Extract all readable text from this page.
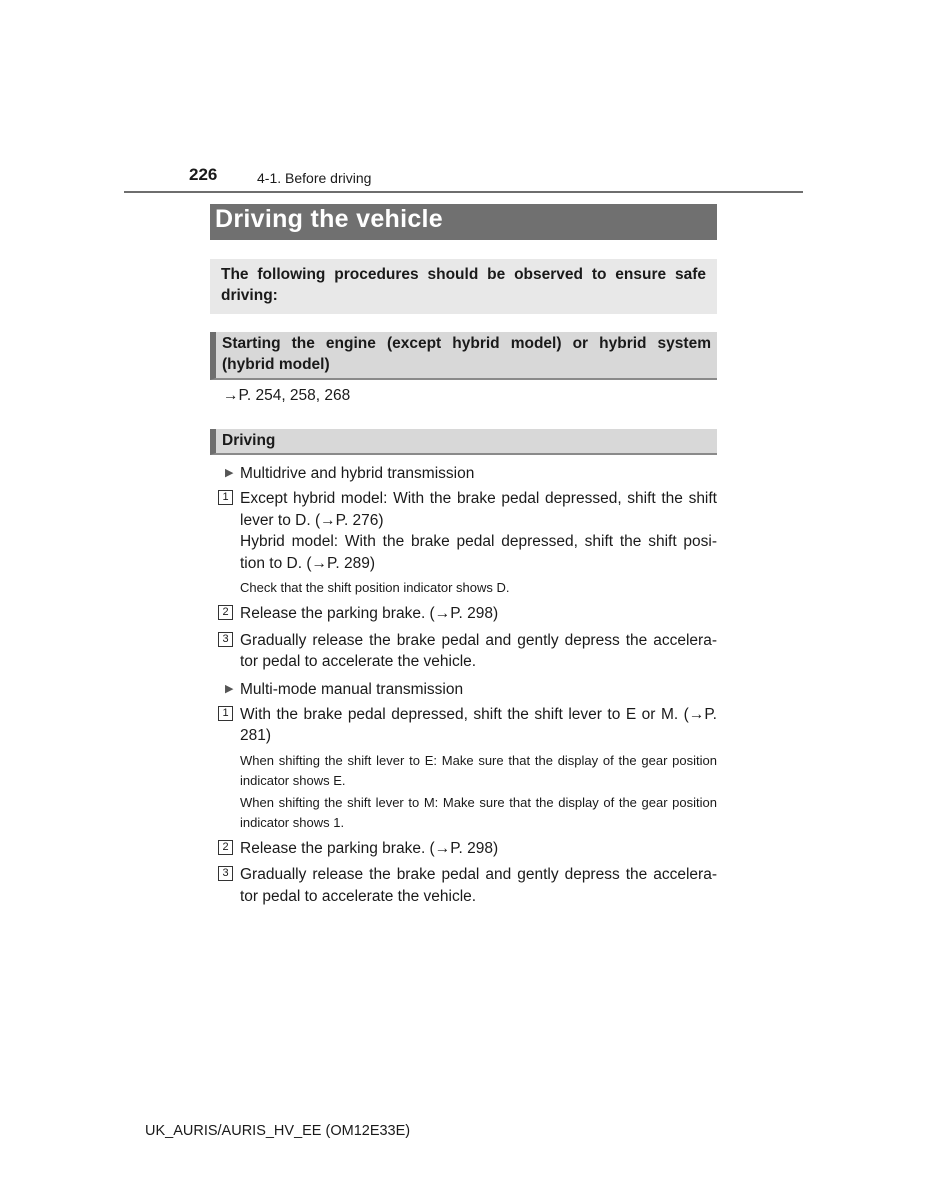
226	4-1. Before driving
Driving the vehicle
The following procedures should be observed to ensure safe driving:
Starting the engine (except hybrid model) or hybrid system (hybrid model)
→P. 254, 258, 268
Driving
▶ Multidrive and hybrid transmission
1 Except hybrid model: With the brake pedal depressed, shift the shift lever to D. (→P. 276)
Hybrid model: With the brake pedal depressed, shift the shift posi-tion to D. (→P. 289)
Check that the shift position indicator shows D.
2 Release the parking brake. (→P. 298)
3 Gradually release the brake pedal and gently depress the accelera-tor pedal to accelerate the vehicle.
▶ Multi-mode manual transmission
1 With the brake pedal depressed, shift the shift lever to E or M. (→P. 281)
When shifting the shift lever to E: Make sure that the display of the gear position indicator shows E.
When shifting the shift lever to M: Make sure that the display of the gear position indicator shows 1.
2 Release the parking brake. (→P. 298)
3 Gradually release the brake pedal and gently depress the accelera-tor pedal to accelerate the vehicle.
UK_AURIS/AURIS_HV_EE (OM12E33E)
